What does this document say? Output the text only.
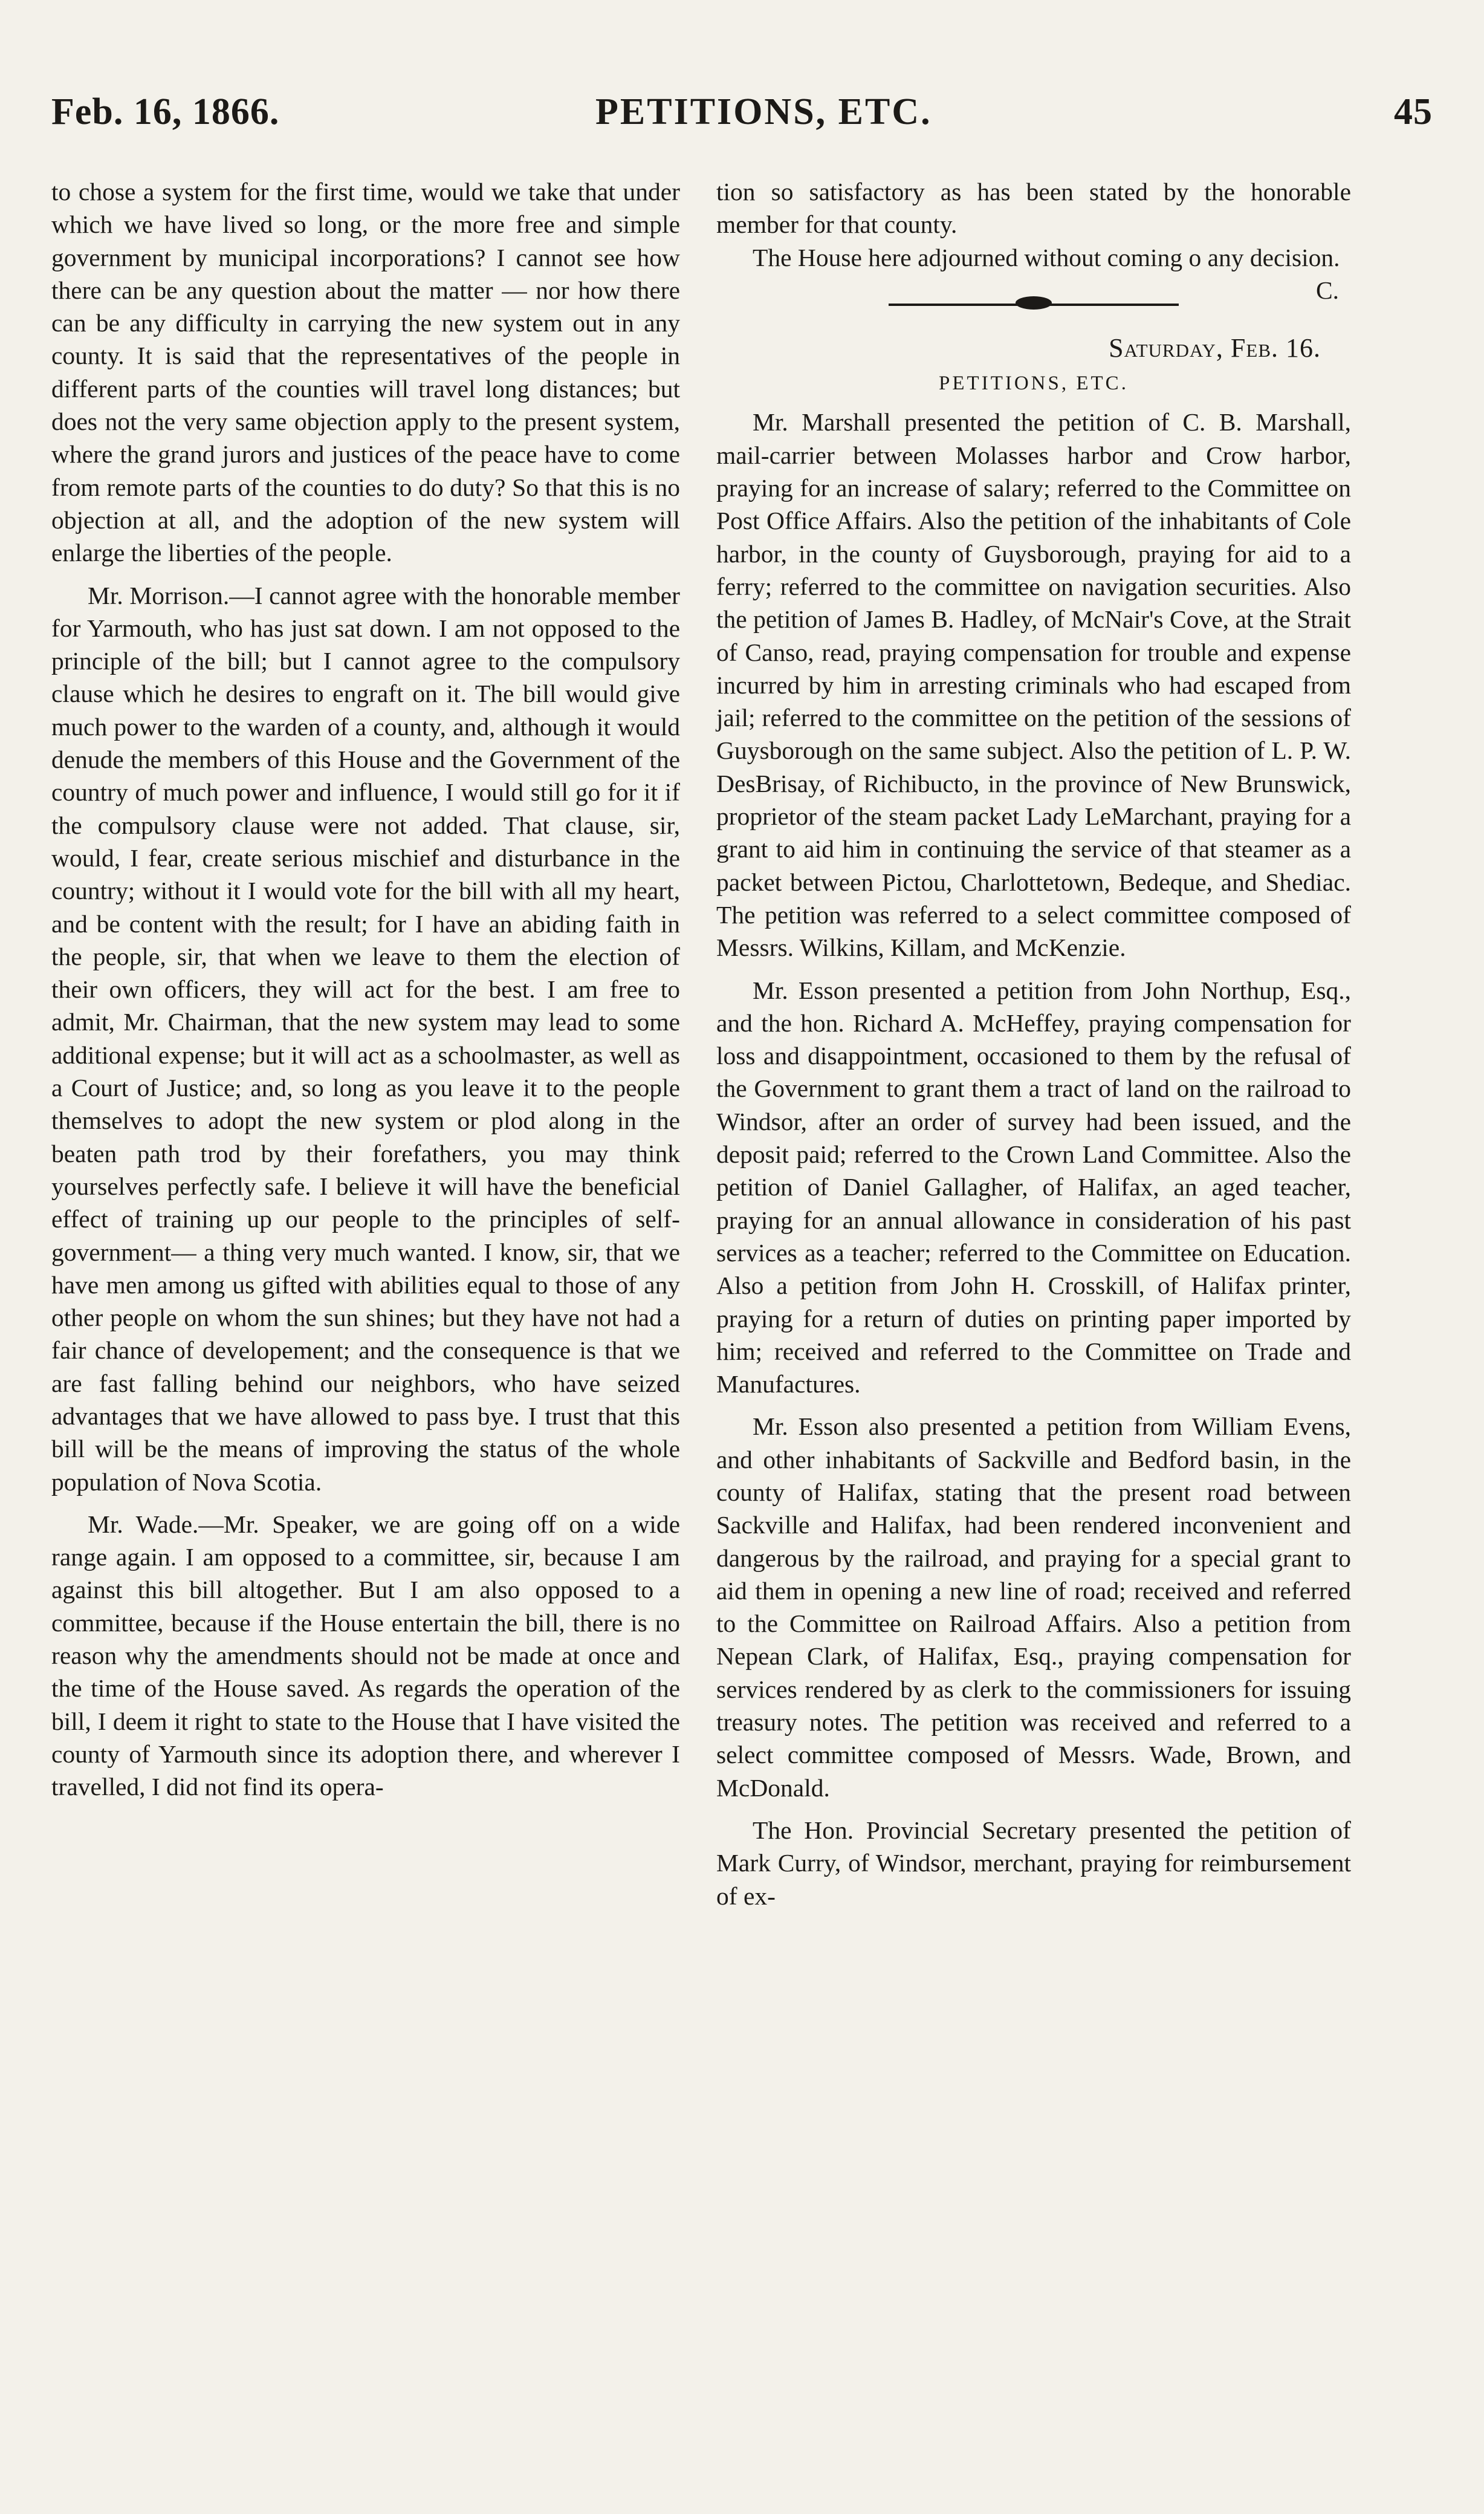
Feb. 16, 1866.	PETITIONS, ETC.	45

to chose a system for the first time, would we take that under which we have lived so long, or the more free and simple government by municipal incorporations? I cannot see how there can be any question about the matter — nor how there can be any difficulty in carrying the new system out in any county. It is said that the representatives of the people in different parts of the counties will travel long distances; but does not the very same objection apply to the present system, where the grand jurors and justices of the peace have to come from remote parts of the counties to do duty? So that this is no objection at all, and the adoption of the new system will enlarge the liberties of the people.

Mr. Morrison.—I cannot agree with the honorable member for Yarmouth, who has just sat down. I am not opposed to the principle of the bill; but I cannot agree to the compulsory clause which he desires to engraft on it. The bill would give much power to the warden of a county, and, although it would denude the members of this House and the Government of the country of much power and influence, I would still go for it if the compulsory clause were not added. That clause, sir, would, I fear, create serious mischief and disturbance in the country; without it I would vote for the bill with all my heart, and be content with the result; for I have an abiding faith in the people, sir, that when we leave to them the election of their own officers, they will act for the best. I am free to admit, Mr. Chairman, that the new system may lead to some additional expense; but it will act as a schoolmaster, as well as a Court of Justice; and, so long as you leave it to the people themselves to adopt the new system or plod along in the beaten path trod by their forefathers, you may think yourselves perfectly safe. I believe it will have the beneficial effect of training up our people to the principles of self-government— a thing very much wanted. I know, sir, that we have men among us gifted with abilities equal to those of any other people on whom the sun shines; but they have not had a fair chance of developement; and the consequence is that we are fast falling behind our neighbors, who have seized advantages that we have allowed to pass bye. I trust that this bill will be the means of improving the status of the whole population of Nova Scotia.

Mr. Wade.—Mr. Speaker, we are going off on a wide range again. I am opposed to a committee, sir, because I am against this bill altogether. But I am also opposed to a committee, because if the House entertain the bill, there is no reason why the amendments should not be made at once and the time of the House saved. As regards the operation of the bill, I deem it right to state to the House that I have visited the county of Yarmouth since its adoption there, and wherever I travelled, I did not find its opera-

tion so satisfactory as has been stated by the honorable member for that county.

The House here adjourned without coming o any decision.
C.

Saturday, Feb. 16.
PETITIONS, ETC.

Mr. Marshall presented the petition of C. B. Marshall, mail-carrier between Molasses harbor and Crow harbor, praying for an increase of salary; referred to the Committee on Post Office Affairs. Also the petition of the inhabitants of Cole harbor, in the county of Guysborough, praying for aid to a ferry; referred to the committee on navigation securities. Also the petition of James B. Hadley, of McNair's Cove, at the Strait of Canso, read, praying compensation for trouble and expense incurred by him in arresting criminals who had escaped from jail; referred to the committee on the petition of the sessions of Guysborough on the same subject. Also the petition of L. P. W. DesBrisay, of Richibucto, in the province of New Brunswick, proprietor of the steam packet Lady LeMarchant, praying for a grant to aid him in continuing the service of that steamer as a packet between Pictou, Charlottetown, Bedeque, and Shediac. The petition was referred to a select committee composed of Messrs. Wilkins, Killam, and McKenzie.

Mr. Esson presented a petition from John Northup, Esq., and the hon. Richard A. McHeffey, praying compensation for loss and disappointment, occasioned to them by the refusal of the Government to grant them a tract of land on the railroad to Windsor, after an order of survey had been issued, and the deposit paid; referred to the Crown Land Committee. Also the petition of Daniel Gallagher, of Halifax, an aged teacher, praying for an annual allowance in consideration of his past services as a teacher; referred to the Committee on Education. Also a petition from John H. Crosskill, of Halifax printer, praying for a return of duties on printing paper imported by him; received and referred to the Committee on Trade and Manufactures.

Mr. Esson also presented a petition from William Evens, and other inhabitants of Sackville and Bedford basin, in the county of Halifax, stating that the present road between Sackville and Halifax, had been rendered inconvenient and dangerous by the railroad, and praying for a special grant to aid them in opening a new line of road; received and referred to the Committee on Railroad Affairs. Also a petition from Nepean Clark, of Halifax, Esq., praying compensation for services rendered by as clerk to the commissioners for issuing treasury notes. The petition was received and referred to a select committee composed of Messrs. Wade, Brown, and McDonald.

The Hon. Provincial Secretary presented the petition of Mark Curry, of Windsor, merchant, praying for reimbursement of ex-
